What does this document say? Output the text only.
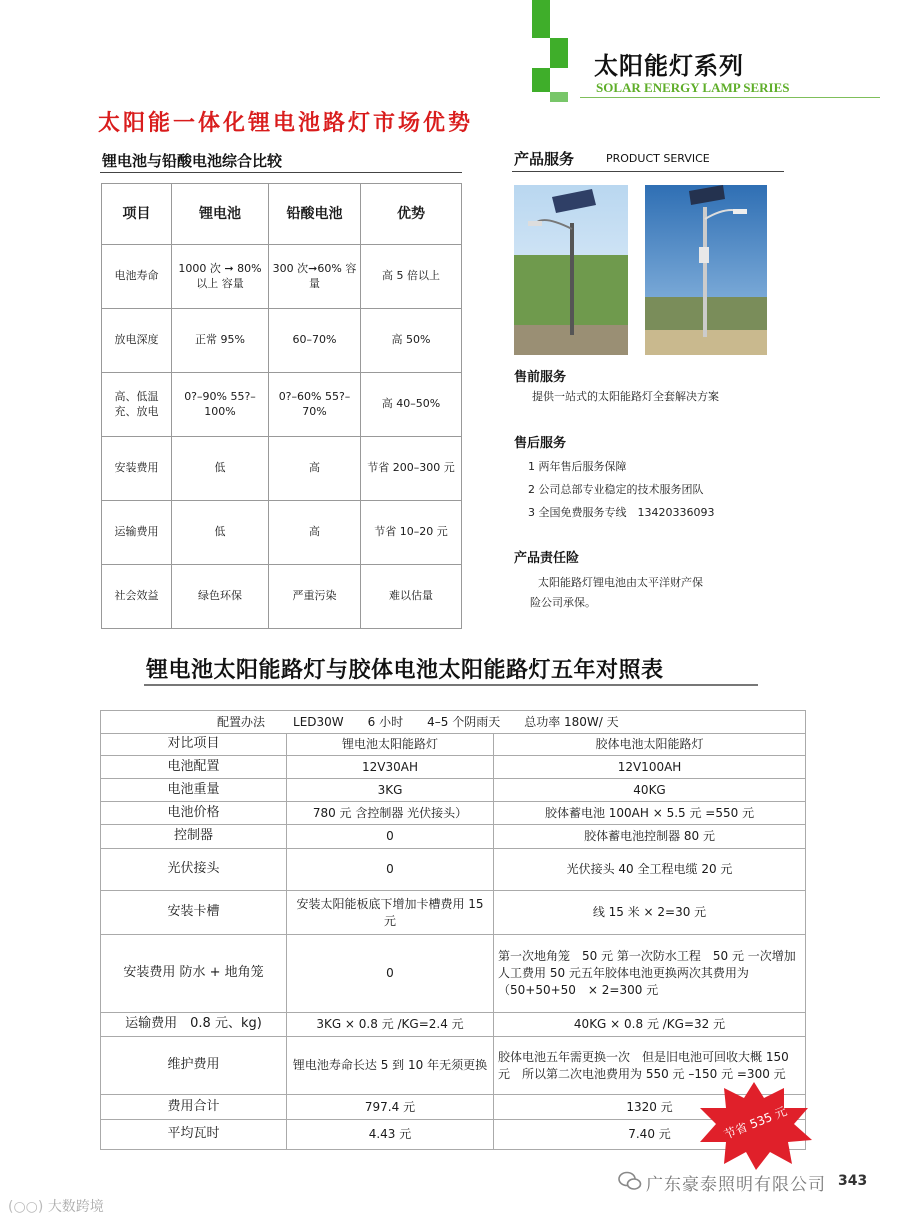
太阳能灯系列
SOLAR ENERGY LAMP SERIES
太阳能一体化锂电池路灯市场优势
锂电池与铅酸电池综合比较
项目	锂电池	铅酸电池	优势
电池寿命	1000 次 ➞ 80% 以上 容量	300 次➞60% 容量	高 5 倍以上
放电深度	正常 95%	60–70%	高 50%
高、低温 充、放电	0?–90% 55?–100%	0?–60% 55?–70%	高 40–50%
安装费用	低	高	节省 200–300 元
运输费用	低	高	节省 10–20 元
社会效益	绿色环保	严重污染	难以估量
产品服务	PRODUCT SERVICE
售前服务
提供一站式的太阳能路灯全套解决方案
售后服务
1 两年售后服务保障
2 公司总部专业稳定的技术服务团队
3 全国免费服务专线　13420336093
产品责任险
太阳能路灯锂电池由太平洋财产保
险公司承保。
锂电池太阳能路灯与胶体电池太阳能路灯五年对照表
配置办法 LED30W　　6 小时　　4–5 个阴雨天　　总功率 180W/ 天		
对比项目	锂电池太阳能路灯	胶体电池太阳能路灯
电池配置	12V30AH	12V100AH
电池重量	3KG	40KG
电池价格	780 元 含控制器 光伏接头）	胶体蓄电池 100AH × 5.5 元 =550 元
控制器	0	胶体蓄电池控制器 80 元
光伏接头	0	光伏接头 40 全工程电缆 20 元
安装卡槽	安装太阳能板底下增加卡槽费用 15 元	线 15 米 × 2=30 元
安装费用 防水 + 地角笼	0	第一次地角笼　50 元 第一次防水工程　50 元 一次增加人工费用 50 元五年胶体电池更换两次其费用为　（50+50+50　× 2=300 元
运输费用　0.8 元、kg)	3KG × 0.8 元 /KG=2.4 元	40KG × 0.8 元 /KG=32 元
维护费用	锂电池寿命长达 5 到 10 年无须更换	胶体电池五年需更换一次　但是旧电池可回收大概 150 元　所以第二次电池费用为 550 元 –150 元 =300 元
费用合计	797.4 元	1320 元
平均瓦时	4.43 元	7.40 元	节省 535 元
广东豪泰照明有限公司 343
(○○) 大数跨境
